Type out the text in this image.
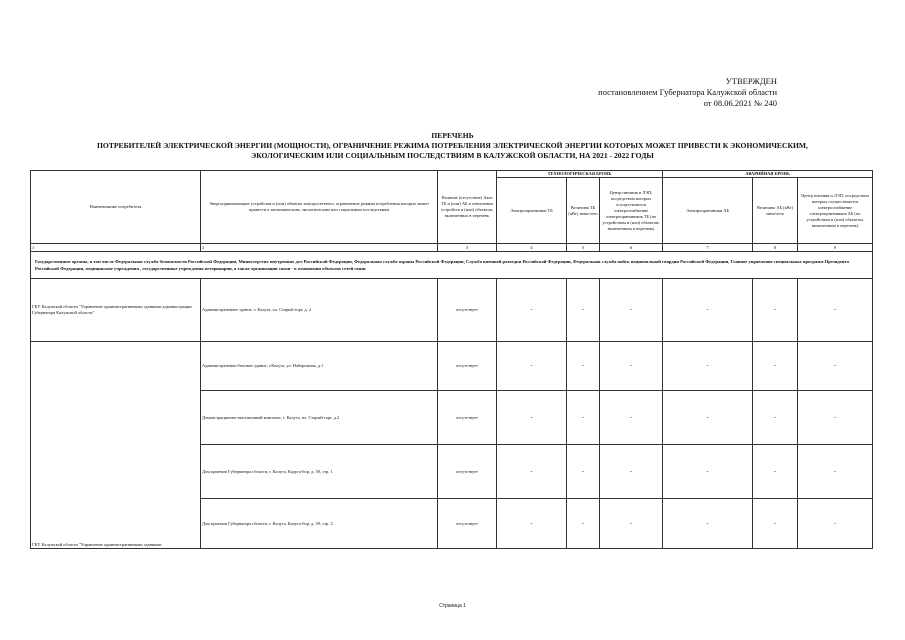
УТВЕРЖДЕН
постановлением Губернатора Калужской области
от 08.06.2021 № 240
ПЕРЕЧЕНЬ
ПОТРЕБИТЕЛЕЙ ЭЛЕКТРИЧЕСКОЙ ЭНЕРГИИ (МОЩНОСТИ), ОГРАНИЧЕНИЕ РЕЖИМА ПОТРЕБЛЕНИЯ ЭЛЕКТРИЧЕСКОЙ ЭНЕРГИИ КОТОРЫХ МОЖЕТ ПРИВЕСТИ К ЭКОНОМИЧЕСКИМ,
ЭКОЛОГИЧЕСКИМ ИЛИ СОЦИАЛЬНЫМ ПОСЛЕДСТВИЯМ В КАЛУЖСКОЙ ОБЛАСТИ, НА 2021 - 2022 ГОДЫ
Наименование потребителя	Энергопринимающие устройства и (или) объекты электросетевого, ограничение режима потребления которых может привести к экономическим, экологическим или социальным последствиям	Наличие (отсутствие) Акта ТБ и (или) АБ в отношении устройств и (или) объектов, включенных в перечень	ТЕХНОЛОГИЧЕСКАЯ БРОНЬ			АВАРИЙНАЯ БРОНЬ		
			Электроприемники ТБ	Величина ТБ (кВт) зима/лето	Центр питания и ЛЭП, посредством которых осуществляется электроснабжение электроприемников ТБ (по устройствам и (или) объектам, включенным в перечень)	Электроприемники АБ	Величина АБ (кВт) зима/лето	Центр питания и ЛЭП, посредством которых осуществляется электроснабжение электроприемников АБ (по устройствам и (или) объектам, включенным в перечень)
1	2	3	4	5	6	7	8	9
Государственные органы, в том числе Федеральная служба безопасности Российской Федерации, Министерство внутренних дел Российской Федерации, Федеральная служба охраны Российской Федерации, Служба внешней разведки Российской Федерации, Федеральная служба войск национальной гвардии Российской Федерации, Главное управление специальных программ Президента Российской Федерации, медицинские учреждения , государственные учреждения ветеринарии, а также организации связи - в отношении объектов сетей связи								
ГКУ Калужской области "Управление административными зданиями администрации Губернатора Калужской области"	Административное здание, г. Калуга, пл. Старый торг, д. 2	отсутствует	-	-	-	-	-	-
ГКУ Калужской области "Управление административными зданиями	Административно-бытовое здание, г.Калуга, ул. Набережная, д.1	отсутствует	-	-	-	-	-	-
	Демонстрационно-выставочный комплекс, г. Калуга, пл. Старый торг, д.2	отсутствует	-	-	-	-	-	-
	Дом приемов Губернатора области, г. Калуга, Кадуга-бор, д. 39, стр. 1	отсутствует	-	-	-	-	-	-
	Дом приемов Губернатора области, г. Калуга, Калуга-бор, д. 39, стр. 2	отсутствует	-	-	-	-	-	-
Страница 1
